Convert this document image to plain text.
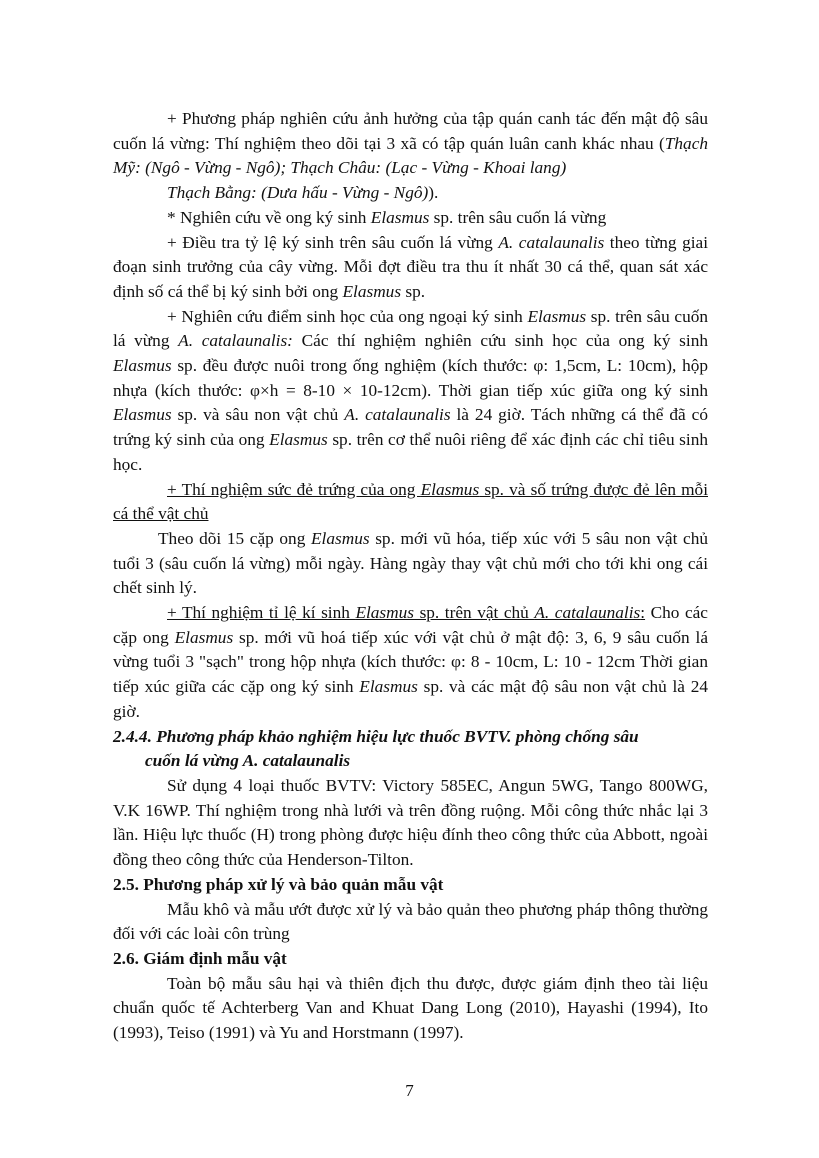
+ Phương pháp nghiên cứu ảnh hưởng của tập quán canh tác đến mật độ sâu cuốn lá vừng: Thí nghiệm theo dõi tại 3 xã có tập quán luân canh khác nhau (Thạch Mỹ: (Ngô - Vừng - Ngô); Thạch Châu: (Lạc - Vừng - Khoai lang)

Thạch Bằng: (Dưa hấu - Vừng - Ngô)).

* Nghiên cứu về ong ký sinh Elasmus sp. trên sâu cuốn lá vừng

+ Điều tra tỷ lệ ký sinh trên sâu cuốn lá vừng A. catalaunalis theo từng giai đoạn sinh trưởng của cây vừng. Mỗi đợt điều tra thu ít nhất 30 cá thể, quan sát xác định số cá thể bị ký sinh bởi ong Elasmus sp.

+ Nghiên cứu điểm sinh học của ong ngoại ký sinh Elasmus sp. trên sâu cuốn lá vừng A. catalaunalis: Các thí nghiệm nghiên cứu sinh học của ong ký sinh Elasmus sp. đều được nuôi trong ống nghiệm (kích thước: φ: 1,5cm, L: 10cm), hộp nhựa (kích thước: φ×h = 8-10 × 10-12cm). Thời gian tiếp xúc giữa ong ký sinh Elasmus sp. và sâu non vật chủ A. catalaunalis là 24 giờ. Tách những cá thể đã có trứng ký sinh của ong Elasmus sp. trên cơ thể nuôi riêng để xác định các chỉ tiêu sinh học.

+ Thí nghiệm sức đẻ trứng của ong Elasmus sp. và số trứng được đẻ lên mỗi cá thể vật chủ

Theo dõi 15 cặp ong Elasmus sp. mới vũ hóa, tiếp xúc với 5 sâu non vật chủ tuổi 3 (sâu cuốn lá vừng) mỗi ngày. Hàng ngày thay vật chủ mới cho tới khi ong cái chết sinh lý.

+ Thí nghiệm tỉ lệ kí sinh Elasmus sp. trên vật chủ A. catalaunalis: Cho các cặp ong Elasmus sp. mới vũ hoá tiếp xúc với vật chủ ở mật độ: 3, 6, 9 sâu cuốn lá vừng tuổi 3 "sạch" trong hộp nhựa (kích thước: φ: 8 - 10cm, L: 10 - 12cm Thời gian tiếp xúc giữa các cặp ong ký sinh Elasmus sp. và các mật độ sâu non vật chủ là 24 giờ.

2.4.4. Phương pháp khảo nghiệm hiệu lực thuốc BVTV. phòng chống sâu
cuốn lá vừng A. catalaunalis

Sử dụng 4 loại thuốc BVTV: Victory 585EC, Angun 5WG, Tango 800WG, V.K 16WP. Thí nghiệm trong nhà lưới và trên đồng ruộng. Mỗi công thức nhắc lại 3 lần. Hiệu lực thuốc (H) trong phòng được hiệu đính theo công thức của Abbott, ngoài đồng theo công thức của Henderson-Tilton.

2.5. Phương pháp xử lý và bảo quản mẫu vật

Mẫu khô và mẫu ướt được xử lý và bảo quản theo phương pháp thông thường đối với các loài côn trùng

2.6. Giám định mẫu vật

Toàn bộ mẫu sâu hại và thiên địch thu được, được giám định theo tài liệu chuẩn quốc tế Achterberg Van and Khuat Dang Long (2010), Hayashi (1994), Ito (1993), Teiso (1991) và Yu and Horstmann (1997).

7
